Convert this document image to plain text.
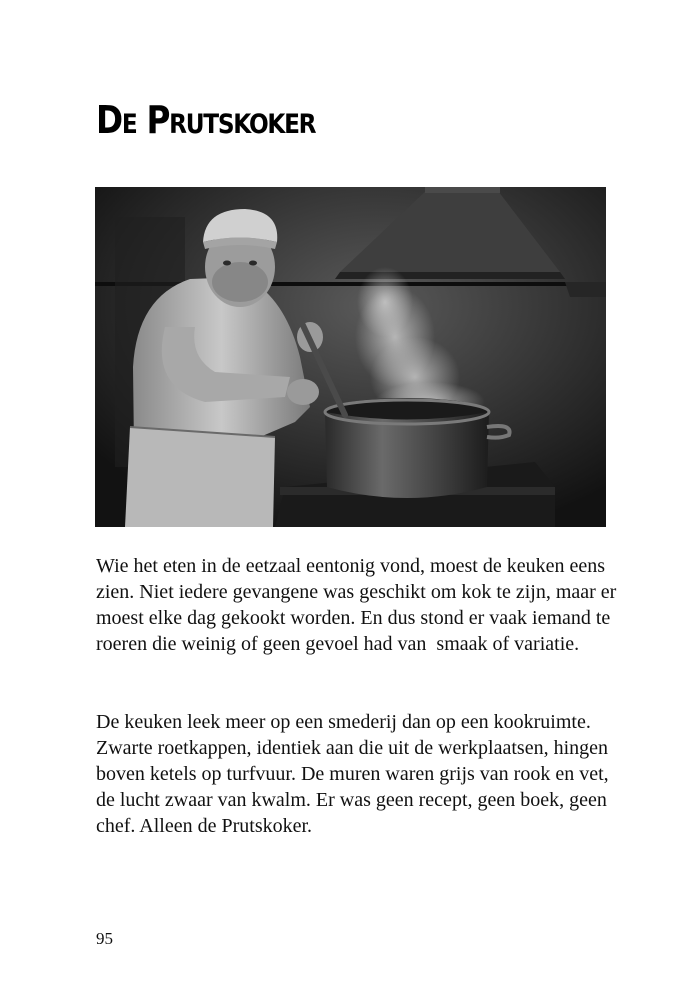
De Prutskoker

Wie het eten in de eetzaal eentonig vond, moest de keuken eens zien. Niet iedere gevangene was geschikt om kok te zijn, maar er moest elke dag gekookt worden. En dus stond er vaak iemand te roeren die weinig of geen gevoel had van  smaak of variatie.

De keuken leek meer op een smederij dan op een kookruimte. Zwarte roetkappen, identiek aan die uit de werkplaatsen, hingen boven ketels op turfvuur. De muren waren grijs van rook en vet, de lucht zwaar van kwalm. Er was geen recept, geen boek, geen chef. Alleen de Prutskoker.

95
